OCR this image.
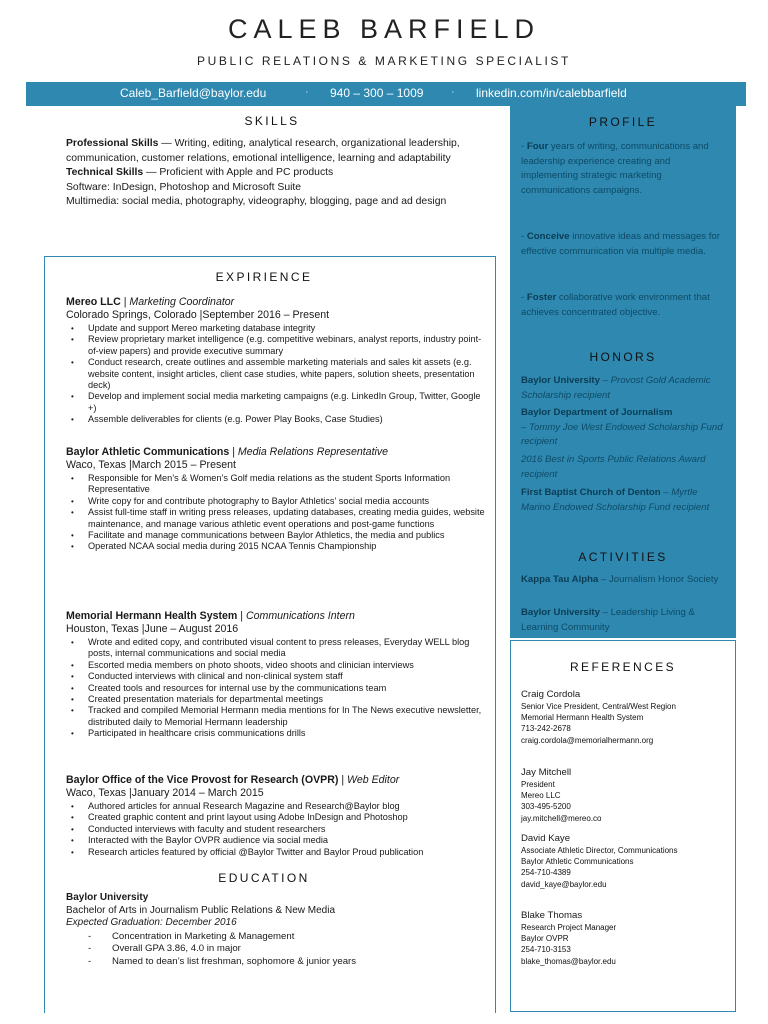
CALEB BARFIELD
PUBLIC RELATIONS & MARKETING SPECIALIST
Caleb_Barfield@baylor.edu	· 940 – 300 – 1009	· linkedin.com/in/calebbarfield
SKILLS
Professional Skills — Writing, editing, analytical research, organizational leadership, communication, customer relations, emotional intelligence, learning and adaptability
Technical Skills — Proficient with Apple and PC products
Software: InDesign, Photoshop and Microsoft Suite
Multimedia: social media, photography, videography, blogging, page and ad design
EXPIRIENCE
Mereo LLC | Marketing Coordinator
Colorado Springs, Colorado |September 2016 – Present
• Update and support Mereo marketing database integrity
• Review proprietary market intelligence (e.g. competitive webinars, analyst reports, industry point-of-view papers) and provide executive summary
• Conduct research, create outlines and assemble marketing materials and sales kit assets (e.g. website content, insight articles, client case studies, white papers, solution sheets, presentation deck)
• Develop and implement social media marketing campaigns (e.g. LinkedIn Group, Twitter, Google +)
• Assemble deliverables for clients (e.g. Power Play Books, Case Studies)
Baylor Athletic Communications | Media Relations Representative
Waco, Texas |March 2015 – Present
• Responsible for Men’s & Women’s Golf media relations as the student Sports Information Representative
• Write copy for and contribute photography to Baylor Athletics’ social media accounts
• Assist full-time staff in writing press releases, updating databases, creating media guides, website maintenance, and manage various athletic event operations and post-game functions
• Facilitate and manage communications between Baylor Athletics, the media and publics
• Operated NCAA social media during 2015 NCAA Tennis Championship
Memorial Hermann Health System | Communications Intern
Houston, Texas |June – August 2016
• Wrote and edited copy, and contributed visual content to press releases, Everyday WELL blog posts, internal communications and social media
• Escorted media members on photo shoots, video shoots and clinician interviews
• Conducted interviews with clinical and non-clinical system staff
• Created tools and resources for internal use by the communications team
• Created presentation materials for departmental meetings
• Tracked and compiled Memorial Hermann media mentions for In The News executive newsletter, distributed daily to Memorial Hermann leadership
• Participated in healthcare crisis communications drills
Baylor Office of the Vice Provost for Research (OVPR) | Web Editor
Waco, Texas |January 2014 – March 2015
• Authored articles for annual Research Magazine and Research@Baylor blog
• Created graphic content and print layout using Adobe InDesign and Photoshop
• Conducted interviews with faculty and student researchers
• Interacted with the Baylor OVPR audience via social media
• Research articles featured by official @Baylor Twitter and Baylor Proud publication
EDUCATION
Baylor University
Bachelor of Arts in Journalism Public Relations & New Media
Expected Graduation: December 2016
- Concentration in Marketing & Management
- Overall GPA 3.86, 4.0 in major
- Named to dean’s list freshman, sophomore & junior years
PROFILE
- Four years of writing, communications and leadership experience creating and implementing strategic marketing communications campaigns.
- Conceive innovative ideas and messages for effective communication via multiple media.
- Foster collaborative work environment that achieves concentrated objective.
HONORS
Baylor University – Provost Gold Academic Scholarship recipient
Baylor Department of Journalism
– Tommy Joe West Endowed Scholarship Fund recipient
2016 Best in Sports Public Relations Award recipient
First Baptist Church of Denton – Myrtle Marino Endowed Scholarship Fund recipient
ACTIVITIES
Kappa Tau Alpha – Journalism Honor Society
Baylor University – Leadership Living & Learning Community
REFERENCES
Craig Cordola
Senior Vice President, Central/West Region
Memorial Hermann Health System
713-242-2678
craig.cordola@memorialhermann.org
Jay Mitchell
President
Mereo LLC
303-495-5200
jay.mitchell@mereo.co
David Kaye
Associate Athletic Director, Communications
Baylor Athletic Communications
254-710-4389
david_kaye@baylor.edu
Blake Thomas
Research Project Manager
Baylor OVPR
254-710-3153
blake_thomas@baylor.edu
